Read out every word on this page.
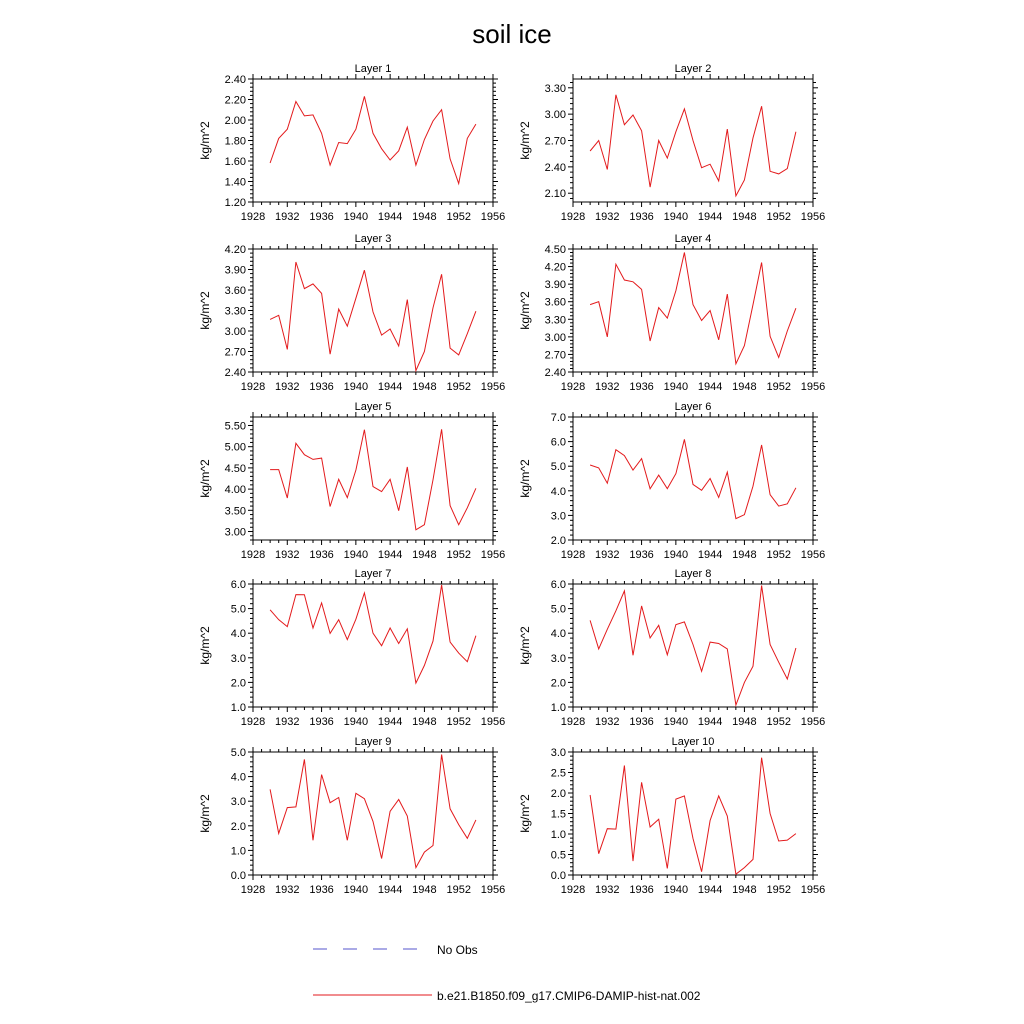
soil ice
Layer 1
kg/m^2
1928 1932 1936 1940 1944 1948 1952 1956
1.20
1.40
1.60
1.80
2.00
2.20
2.40
Layer 2
kg/m^2
1928 1932 1936 1940 1944 1948 1952 1956
2.10
2.40
2.70
3.00
3.30
Layer 3
kg/m^2
1928 1932 1936 1940 1944 1948 1952 1956
2.40
2.70
3.00
3.30
3.60
3.90
4.20
Layer 4
kg/m^2
1928 1932 1936 1940 1944 1948 1952 1956
2.40
2.70
3.00
3.30
3.60
3.90
4.20
4.50
Layer 5
kg/m^2
1928 1932 1936 1940 1944 1948 1952 1956
3.00
3.50
4.00
4.50
5.00
5.50
Layer 6
kg/m^2
1928 1932 1936 1940 1944 1948 1952 1956
2.0
3.0
4.0
5.0
6.0
7.0
Layer 7
kg/m^2
1928 1932 1936 1940 1944 1948 1952 1956
1.0
2.0
3.0
4.0
5.0
6.0
Layer 8
kg/m^2
1928 1932 1936 1940 1944 1948 1952 1956
1.0
2.0
3.0
4.0
5.0
6.0
Layer 9
kg/m^2
1928 1932 1936 1940 1944 1948 1952 1956
0.0
1.0
2.0
3.0
4.0
5.0
Layer 10
kg/m^2
1928 1932 1936 1940 1944 1948 1952 1956
0.0
0.5
1.0
1.5
2.0
2.5
3.0
No Obs
b.e21.B1850.f09_g17.CMIP6-DAMIP-hist-nat.002
